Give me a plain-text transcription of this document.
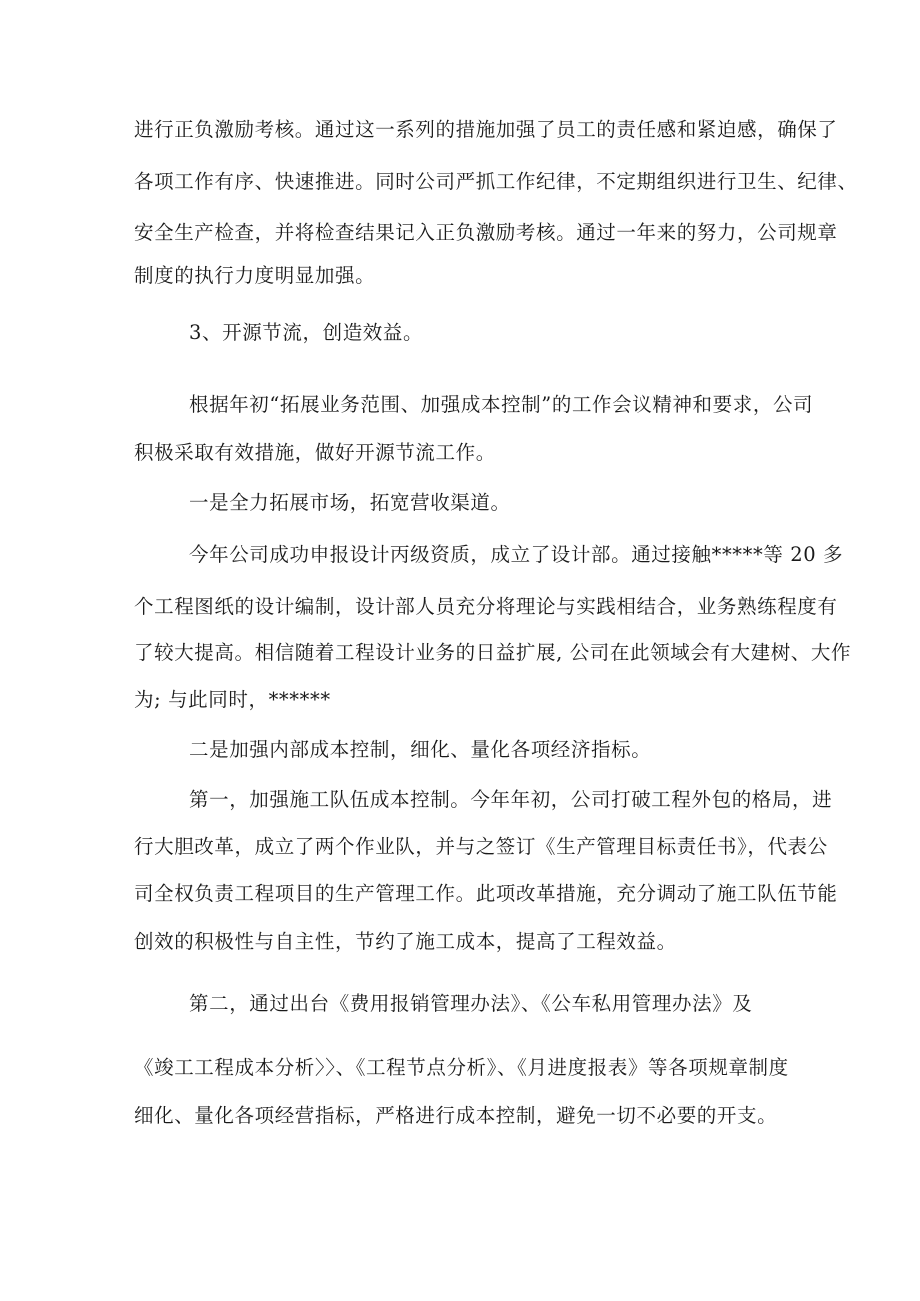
进行正负激励考核。通过这一系列的措施加强了员工的责任感和紧迫感，确保了
各项工作有序、快速推进。同时公司严抓工作纪律，不定期组织进行卫生、纪律、
安全生产检查，并将检查结果记入正负激励考核。通过一年来的努力，公司规章
制度的执行力度明显加强。
3、开源节流，创造效益。
根据年初“拓展业务范围、加强成本控制”的工作会议精神和要求，公司
积极采取有效措施，做好开源节流工作。
一是全力拓展市场，拓宽营收渠道。
今年公司成功申报设计丙级资质，成立了设计部。通过接触*****等 20 多
个工程图纸的设计编制，设计部人员充分将理论与实践相结合，业务熟练程度有
了较大提高。相信随着工程设计业务的日益扩展, 公司在此领域会有大建树、大作
为; 与此同时，******
二是加强内部成本控制，细化、量化各项经济指标。
第一，加强施工队伍成本控制。今年年初，公司打破工程外包的格局，进
行大胆改革，成立了两个作业队，并与之签订《生产管理目标责任书》，代表公
司全权负责工程项目的生产管理工作。此项改革措施，充分调动了施工队伍节能
创效的积极性与自主性，节约了施工成本，提高了工程效益。
第二，通过出台《费用报销管理办法》、《公车私用管理办法》及
《竣工工程成本分析〉〉、《工程节点分析》、《月进度报表》等各项规章制度
细化、量化各项经营指标，严格进行成本控制，避免一切不必要的开支。
